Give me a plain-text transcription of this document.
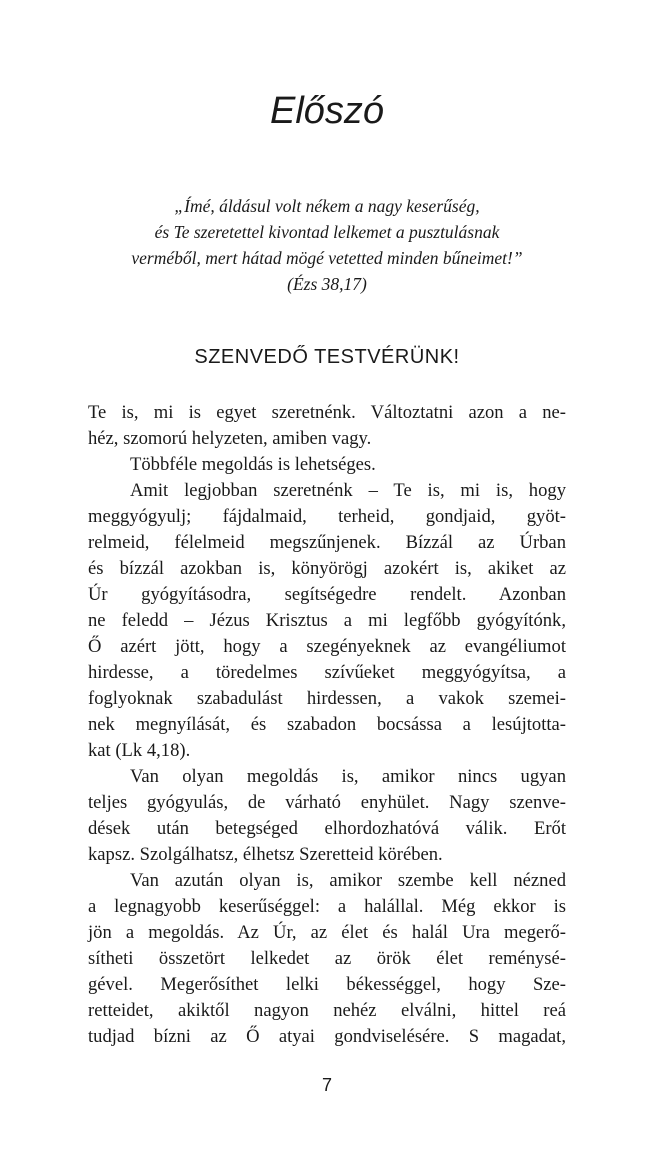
Előszó
„Ímé, áldásul volt nékem a nagy keserűség,
és Te szeretettel kivontad lelkemet a pusztulásnak
verméből, mert hátad mögé vetetted minden bűneimet!”
(Ézs 38,17)
SZENVEDŐ TESTVÉRÜNK!
Te is, mi is egyet szeretnénk. Változtatni azon a ne-
héz, szomorú helyzeten, amiben vagy.
Többféle megoldás is lehetséges.
Amit legjobban szeretnénk – Te is, mi is, hogy
meggyógyulj; fájdalmaid, terheid, gondjaid, gyöt-
relmeid, félelmeid megszűnjenek. Bízzál az Úrban
és bízzál azokban is, könyörögj azokért is, akiket az
Úr gyógyításodra, segítségedre rendelt. Azonban
ne feledd – Jézus Krisztus a mi legfőbb gyógyítónk,
Ő azért jött, hogy a szegényeknek az evangéliumot
hirdesse, a töredelmes szívűeket meggyógyítsa, a
foglyoknak szabadulást hirdessen, a vakok szemei-
nek megnyílását, és szabadon bocsássa a lesújtotta-
kat (Lk 4,18).
Van olyan megoldás is, amikor nincs ugyan
teljes gyógyulás, de várható enyhület. Nagy szenve-
dések után betegséged elhordozhatóvá válik. Erőt
kapsz. Szolgálhatsz, élhetsz Szeretteid körében.
Van azután olyan is, amikor szembe kell nézned
a legnagyobb keserűséggel: a halállal. Még ekkor is
jön a megoldás. Az Úr, az élet és halál Ura megerő-
sítheti összetört lelkedet az örök élet reménysé-
gével. Megerősíthet lelki békességgel, hogy Sze-
retteidet, akiktől nagyon nehéz elválni, hittel reá
tudjad bízni az Ő atyai gondviselésére. S magadat,
7
